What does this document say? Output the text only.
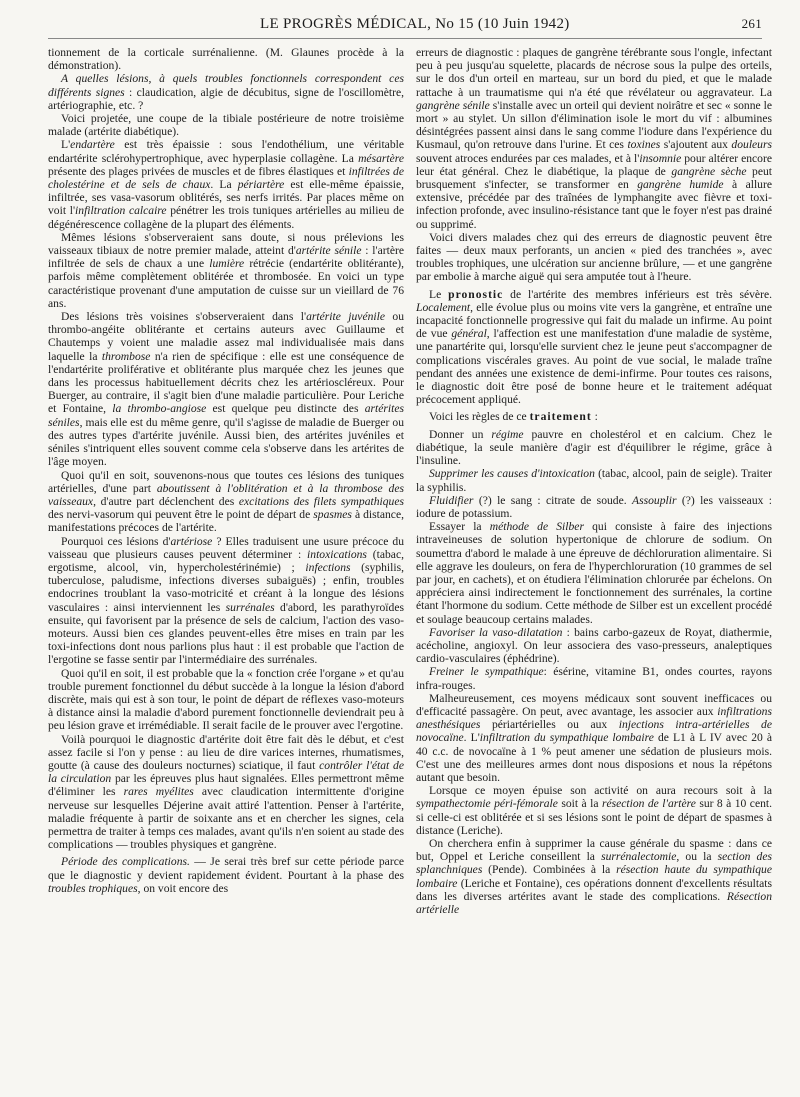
LE PROGRÈS MÉDICAL, No 15 (10 Juin 1942)	261

tionnement de la corticale surrénalienne. (M. Glaunes procède à la démonstration).

A quelles lésions, à quels troubles fonctionnels correspondent ces différents signes : claudication, algie de décubitus, signe de l'oscillomètre, artériographie, etc. ?

Voici projetée, une coupe de la tibiale postérieure de notre troisième malade (artérite diabétique).

L'endartère est très épaissie : sous l'endothélium, une véritable endartérite sclérohypertrophique, avec hyperplasie collagène. La mésartère présente des plages privées de muscles et de fibres élastiques et infiltrées de cholestérine et de sels de chaux. La périartère est elle-même épaissie, infiltrée, ses vasa-vasorum oblitérés, ses nerfs irrités. Par places même on voit l'infiltration calcaire pénétrer les trois tuniques artérielles au milieu de dégénérescence collagène de la plupart des éléments.

Mêmes lésions s'observeraient sans doute, si nous prélevions les vaisseaux tibiaux de notre premier malade, atteint d'artérite sénile : l'artère infiltrée de sels de chaux a une lumière rétrécie (endartérite oblitérante), parfois même complètement oblitérée et thrombosée. En voici un type caractéristique provenant d'une amputation de cuisse sur un vieillard de 76 ans.

Des lésions très voisines s'observeraient dans l'artérite juvénile ou thrombo-angéite oblitérante et certains auteurs avec Guillaume et Chautemps y voient une maladie assez mal individualisée mais dans laquelle la thrombose n'a rien de spécifique : elle est une conséquence de l'endartérite proliférative et oblitérante plus marquée chez les jeunes que dans les processus habituellement décrits chez les artérioscléreux. Pour Buerger, au contraire, il s'agit bien d'une maladie particulière. Pour Leriche et Fontaine, la thrombo-angiose est quelque peu distincte des artérites séniles, mais elle est du même genre, qu'il s'agisse de maladie de Buerger ou des autres types d'artérite juvénile. Aussi bien, des artérites juvéniles et séniles s'intriquent elles souvent comme cela s'observe dans les artérites de l'âge moyen.

Quoi qu'il en soit, souvenons-nous que toutes ces lésions des tuniques artérielles, d'une part aboutissent à l'oblitération et à la thrombose des vaisseaux, d'autre part déclenchent des excitations des filets sympathiques des nervi-vasorum qui peuvent être le point de départ de spasmes à distance, manifestations précoces de l'artérite.

Pourquoi ces lésions d'artériose ? Elles traduisent une usure précoce du vaisseau que plusieurs causes peuvent déterminer : intoxications (tabac, ergotisme, alcool, vin, hypercholestérinémie) ; infections (syphilis, tuberculose, paludisme, infections diverses subaiguës) ; enfin, troubles endocrines troublant la vaso-motricité et créant à la longue des lésions vasculaires : ainsi interviennent les surrénales d'abord, les parathyroïdes ensuite, qui favorisent par la présence de sels de calcium, l'action des vaso-moteurs. Aussi bien ces glandes peuvent-elles être mises en train par les toxi-infections dont nous parlions plus haut : il est probable que l'action de l'ergotine se fasse sentir par l'intermédiaire des surrénales.

Quoi qu'il en soit, il est probable que la « fonction crée l'organe » et qu'au trouble purement fonctionnel du début succède à la longue la lésion d'abord discrète, mais qui est à son tour, le point de départ de réflexes vaso-moteurs à distance ainsi la maladie d'abord purement fonctionnelle deviendrait peu à peu lésion grave et irrémédiable. Il serait facile de le prouver avec l'ergotine.

Voilà pourquoi le diagnostic d'artérite doit être fait dès le début, et c'est assez facile si l'on y pense : au lieu de dire varices internes, rhumatismes, goutte (à cause des douleurs nocturnes) sciatique, il faut contrôler l'état de la circulation par les épreuves plus haut signalées. Elles permettront même d'éliminer les rares myélites avec claudication intermittente d'origine nerveuse sur lesquelles Déjerine avait attiré l'attention. Penser à l'artérite, maladie fréquente à partir de soixante ans et en chercher les signes, cela permettra de traiter à temps ces malades, avant qu'ils n'en soient au stade des complications — troubles physiques et gangrène.

Période des complications. — Je serai très bref sur cette période parce que le diagnostic y devient rapidement évident. Pourtant à la phase des troubles trophiques, on voit encore des

erreurs de diagnostic : plaques de gangrène térébrante sous l'ongle, infectant peu à peu jusqu'au squelette, placards de nécrose sous la pulpe des orteils, sur le dos d'un orteil en marteau, sur un bord du pied, et que le malade rattache à un traumatisme qui n'a été que révélateur ou aggravateur. La gangrène sénile s'installe avec un orteil qui devient noirâtre et sec « sonne le mort » au stylet. Un sillon d'élimination isole le mort du vif : albumines désintégrées passent ainsi dans le sang comme l'iodure dans l'expérience du Kusmaul, qu'on retrouve dans l'urine. Et ces toxines s'ajoutent aux douleurs souvent atroces endurées par ces malades, et à l'insomnie pour altérer encore leur état général. Chez le diabétique, la plaque de gangrène sèche peut brusquement s'infecter, se transformer en gangrène humide à allure extensive, précédée par des traînées de lymphangite avec fièvre et toxi-infection profonde, avec insulino-résistance tant que le foyer n'est pas drainé ou supprimé.

Voici divers malades chez qui des erreurs de diagnostic peuvent être faites — deux maux perforants, un ancien « pied des tranchées », avec troubles trophiques, une ulcération sur ancienne brûlure, — et une gangrène par embolie à marche aiguë qui sera amputée tout à l'heure.

Le pronostic de l'artérite des membres inférieurs est très sévère. Localement, elle évolue plus ou moins vite vers la gangrène, et entraîne une incapacité fonctionnelle progressive qui fait du malade un infirme. Au point de vue général, l'affection est une manifestation d'une maladie de système, une panartérite qui, lorsqu'elle survient chez le jeune peut s'accompagner de complications viscérales graves. Au point de vue social, le malade traîne pendant des années une existence de demi-infirme. Pour toutes ces raisons, le diagnostic doit être posé de bonne heure et le traitement adéquat précocement appliqué.

Voici les règles de ce traitement :

Donner un régime pauvre en cholestérol et en calcium. Chez le diabétique, la seule manière d'agir est d'équilibrer le régime, grâce à l'insuline.

Supprimer les causes d'intoxication (tabac, alcool, pain de seigle). Traiter la syphilis.

Fluidifier (?) le sang : citrate de soude. Assouplir (?) les vaisseaux : iodure de potassium.

Essayer la méthode de Silber qui consiste à faire des injections intraveineuses de solution hypertonique de chlorure de sodium. On soumettra d'abord le malade à une épreuve de déchloruration alimentaire. Si elle aggrave les douleurs, on fera de l'hyperchloruration (10 grammes de sel par jour, en cachets), et on étudiera l'élimination chlorurée par échelons. On appréciera ainsi indirectement le fonctionnement des surrénales, la cortine étant l'hormone du sodium. Cette méthode de Silber est un excellent procédé et soulage beaucoup certains malades.

Favoriser la vaso-dilatation : bains carbo-gazeux de Royat, diathermie, acécholine, angioxyl. On leur associera des vaso-presseurs, analeptiques cardio-vasculaires (éphédrine).

Freiner le sympathique: ésérine, vitamine B1, ondes courtes, rayons infra-rouges.

Malheureusement, ces moyens médicaux sont souvent inefficaces ou d'efficacité passagère. On peut, avec avantage, les associer aux infiltrations anesthésiques périartérielles ou aux injections intra-artérielles de novocaïne. L'infiltration du sympathique lombaire de L1 à L IV avec 20 à 40 c.c. de novocaïne à 1 % peut amener une sédation de plusieurs mois. C'est une des meilleures armes dont nous disposions et nous la répétons autant que besoin.

Lorsque ce moyen épuise son activité on aura recours soit à la sympathectomie péri-fémorale soit à la résection de l'artère sur 8 à 10 cent. si celle-ci est oblitérée et si ses lésions sont le point de départ de spasmes à distance (Leriche).

On cherchera enfin à supprimer la cause générale du spasme : dans ce but, Oppel et Leriche conseillent la surrénalectomie, ou la section des splanchniques (Pende). Combinées à la résection haute du sympathique lombaire (Leriche et Fontaine), ces opérations donnent d'excellents résultats dans les diverses artérites avant le stade des complications. Résection artérielle
